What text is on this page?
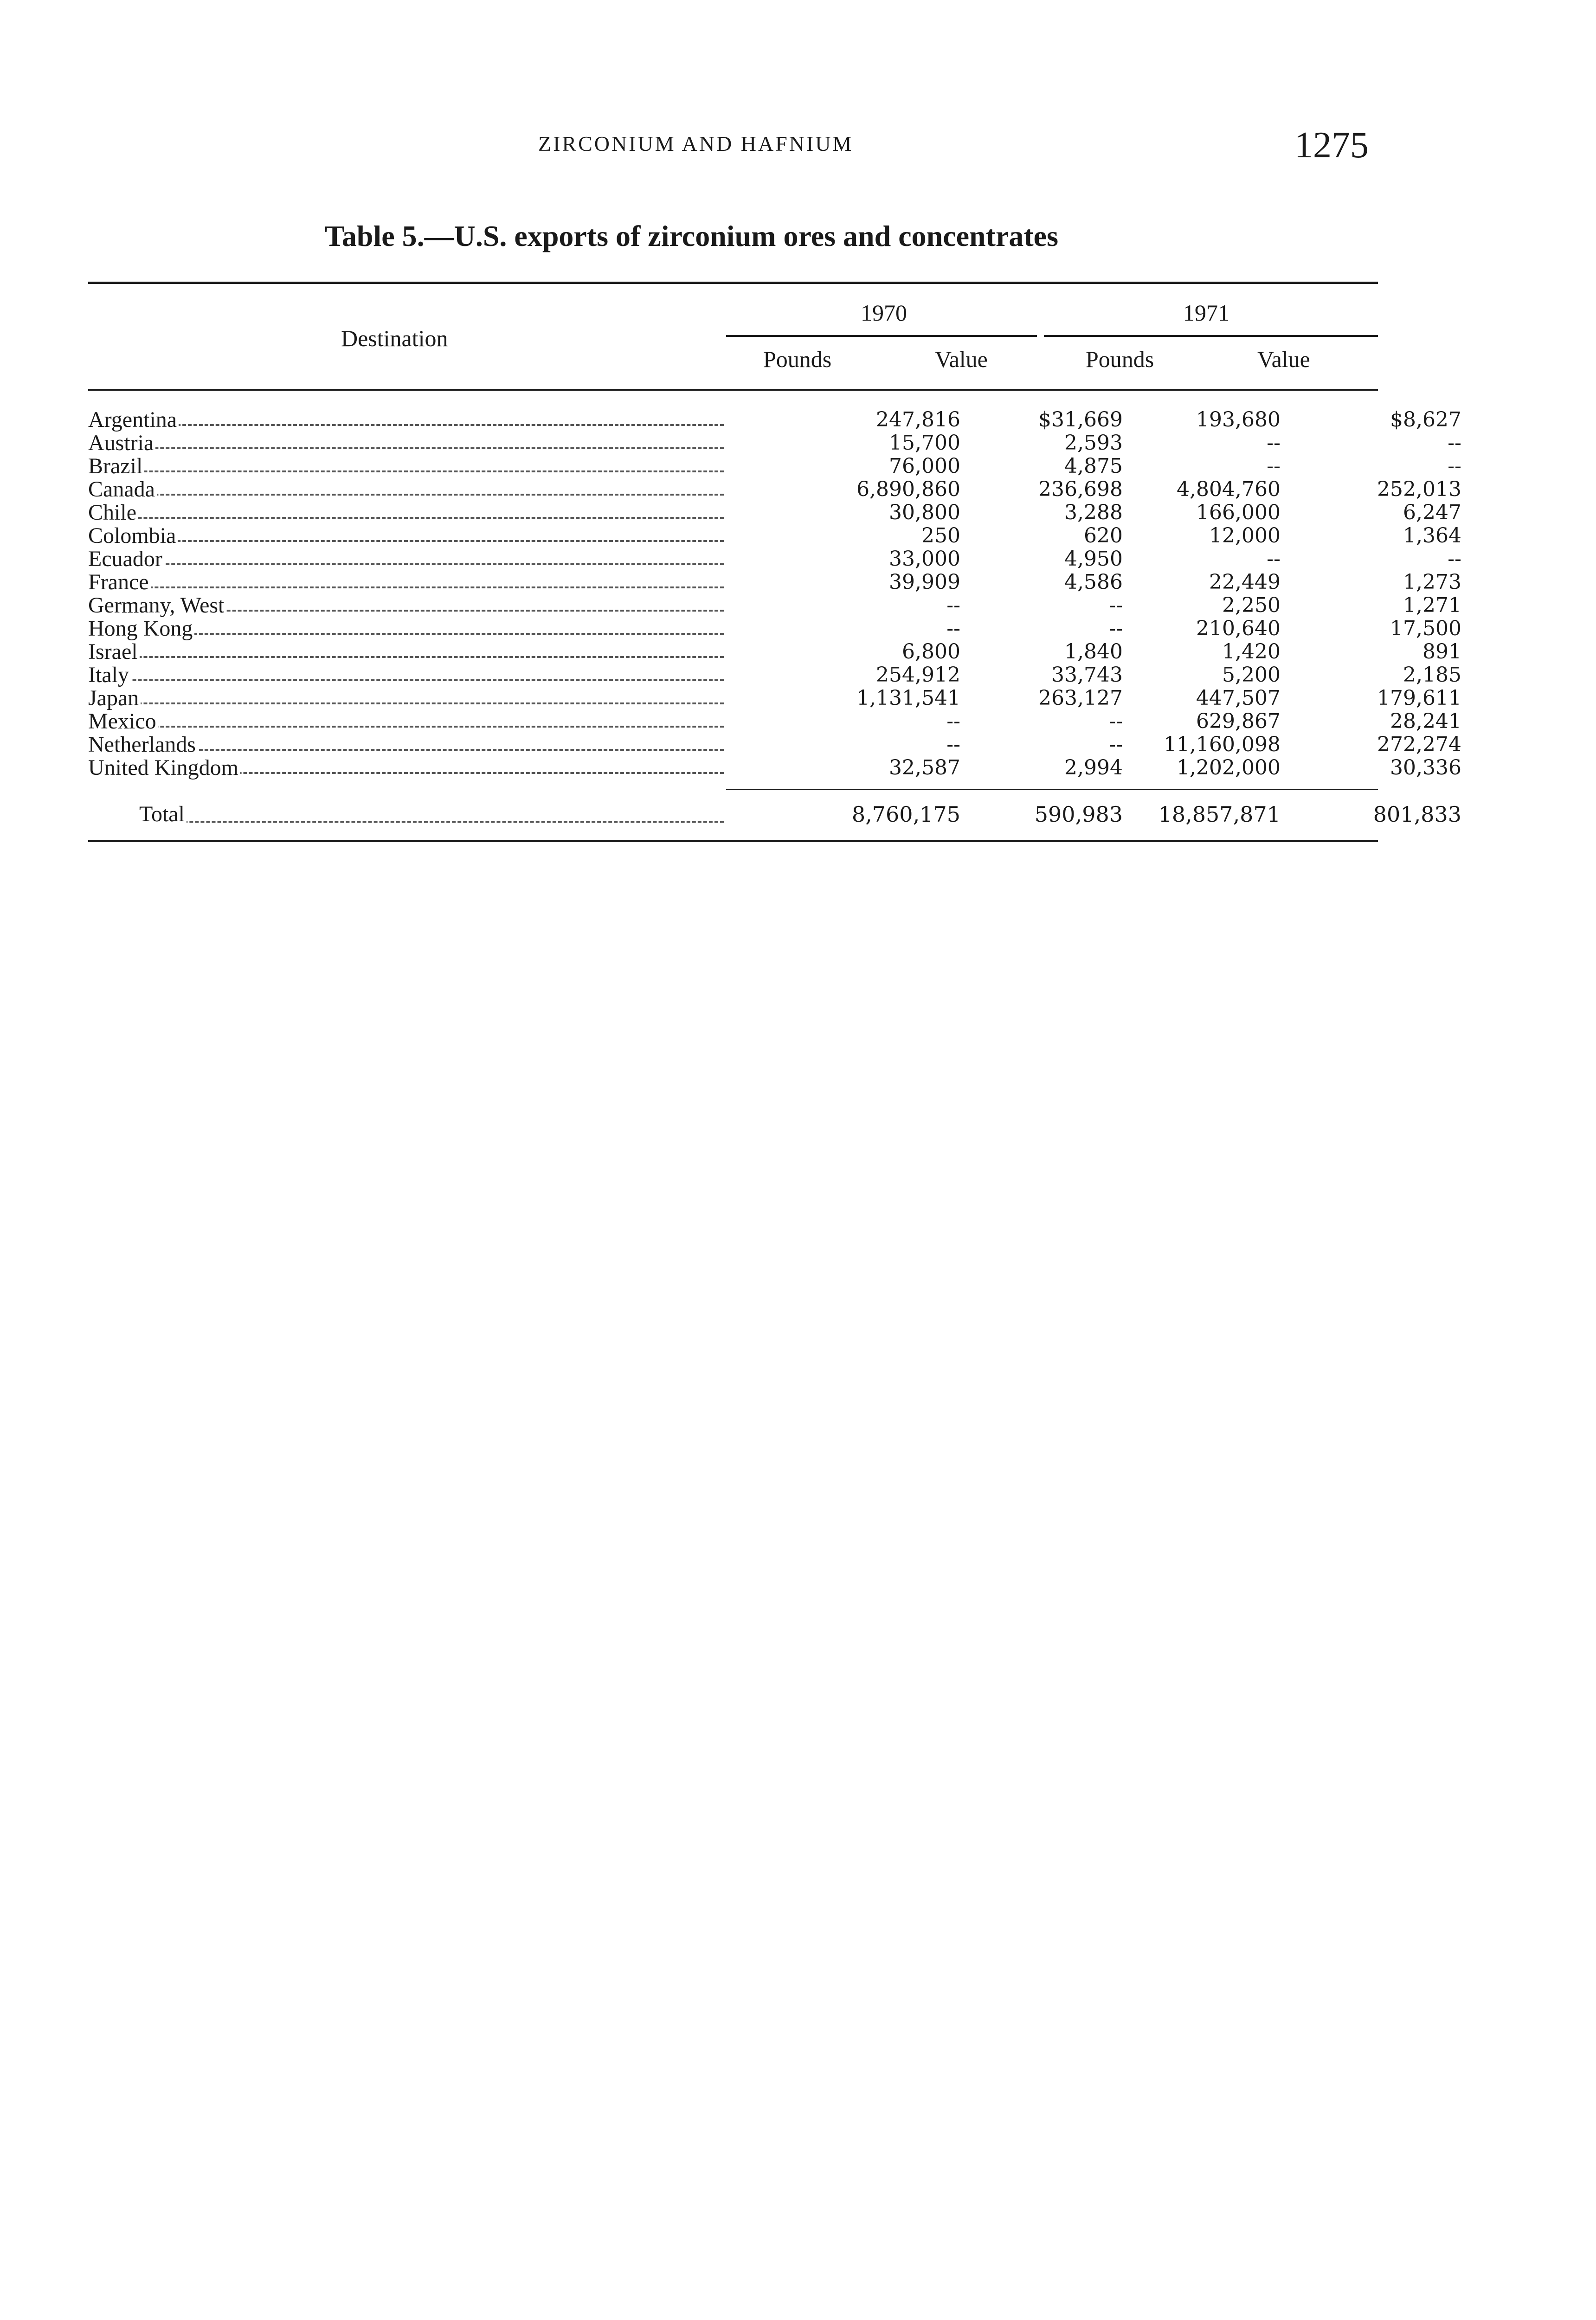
ZIRCONIUM AND HAFNIUM	1275
Table 5.—U.S. exports of zirconium ores and concentrates
Destination
1970	1971
Pounds	Value	Pounds	Value
Argentina	247,816	$31,669	193,680	$8,627
Austria	15,700	2,593	--	--
Brazil	76,000	4,875	--	--
Canada	6,890,860	236,698	4,804,760	252,013
Chile	30,800	3,288	166,000	6,247
Colombia	250	620	12,000	1,364
Ecuador	33,000	4,950	--	--
France	39,909	4,586	22,449	1,273
Germany, West	--	--	2,250	1,271
Hong Kong	--	--	210,640	17,500
Israel	6,800	1,840	1,420	891
Italy	254,912	33,743	5,200	2,185
Japan	1,131,541	263,127	447,507	179,611
Mexico	--	--	629,867	28,241
Netherlands	--	--	11,160,098	272,274
United Kingdom	32,587	2,994	1,202,000	30,336
Total	8,760,175	590,983	18,857,871	801,833
